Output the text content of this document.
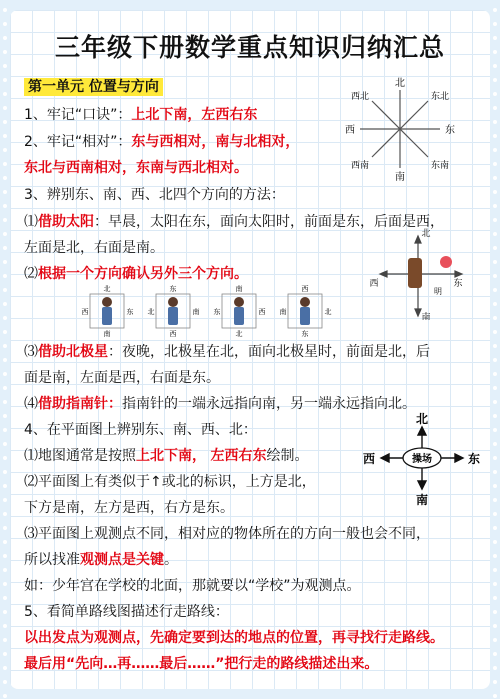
三年级下册数学重点知识归纳汇总
第一单元 位置与方向
1、牢记“口诀”：上北下南，左西右东
2、牢记“相对”：东与西相对，南与北相对，
东北与西南相对，东南与西北相对。
3、辨别东、南、西、北四个方向的方法：
⑴借助太阳：早晨，太阳在东，面向太阳时，前面是东，后面是西，
左面是北，右面是南。
⑵根据一个方向确认另外三个方向。
⑶借助北极星：夜晚，北极星在北，面向北极星时，前面是北，后
面是南，左面是西，右面是东。
⑷借助指南针：指南针的一端永远指向南，另一端永远指向北。
4、在平面图上辨别东、南、西、北：
⑴地图通常是按照上北下南， 左西右东绘制。
⑵平面图上有类似于↑或北的标识，上方是北，
下方是南，左方是西，右方是东。
⑶平面图上观测点不同，相对应的物体所在的方向一般也会不同，
所以找准观测点是关键。
如：少年宫在学校的北面，那就要以“学校”为观测点。
5、看简单路线图描述行走路线：
以出发点为观测点，先确定要到达的地点的位置，再寻找行走路线。
最后用“先向…再……最后……”把行走的路线描述出来。
北
南
东
西
东北
西北
东南
西南
北
南
东
西
明
北
西	东
南
东
北	南
西
南
东	西
北
西
南	北
东
操场
北
南
东
西
